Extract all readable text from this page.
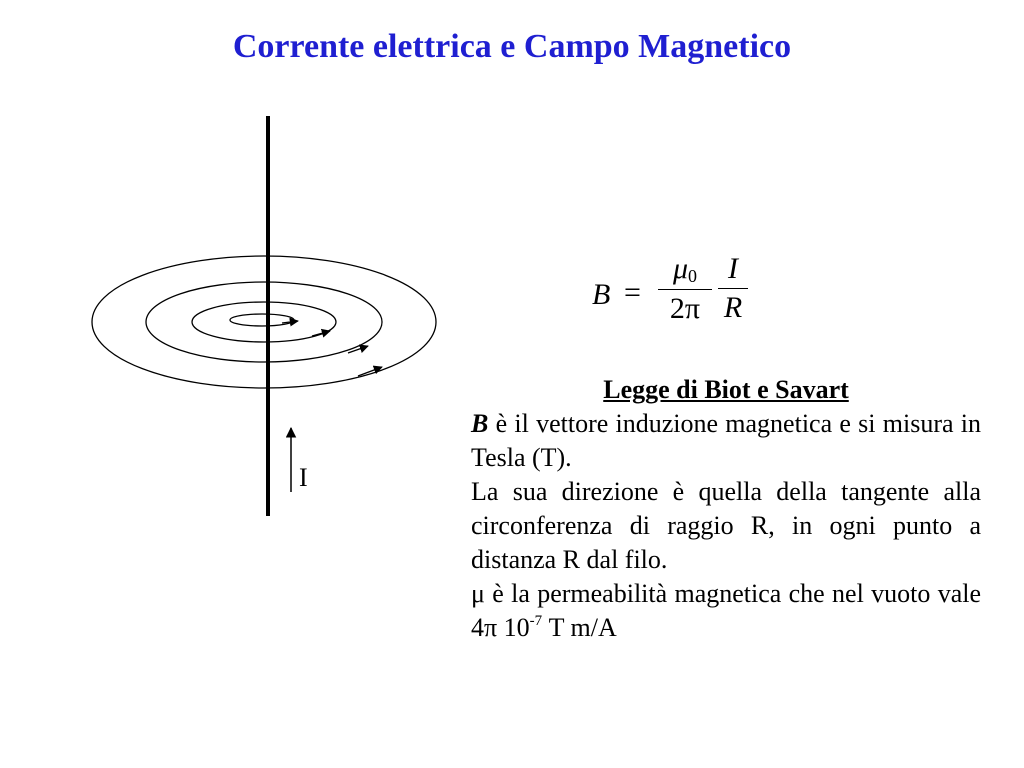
Corrente elettrica e Campo Magnetico
I
B =
$\mu_0$
2π
I
R

Legge di Biot e Savart

B è il vettore induzione magnetica e si misura in Tesla (T).

La sua direzione è quella della tangente alla circonferenza di raggio R, in ogni punto a distanza R dal filo.

μ è la permeabilità magnetica che nel vuoto vale 4π $10^{-7}$ T m/A
